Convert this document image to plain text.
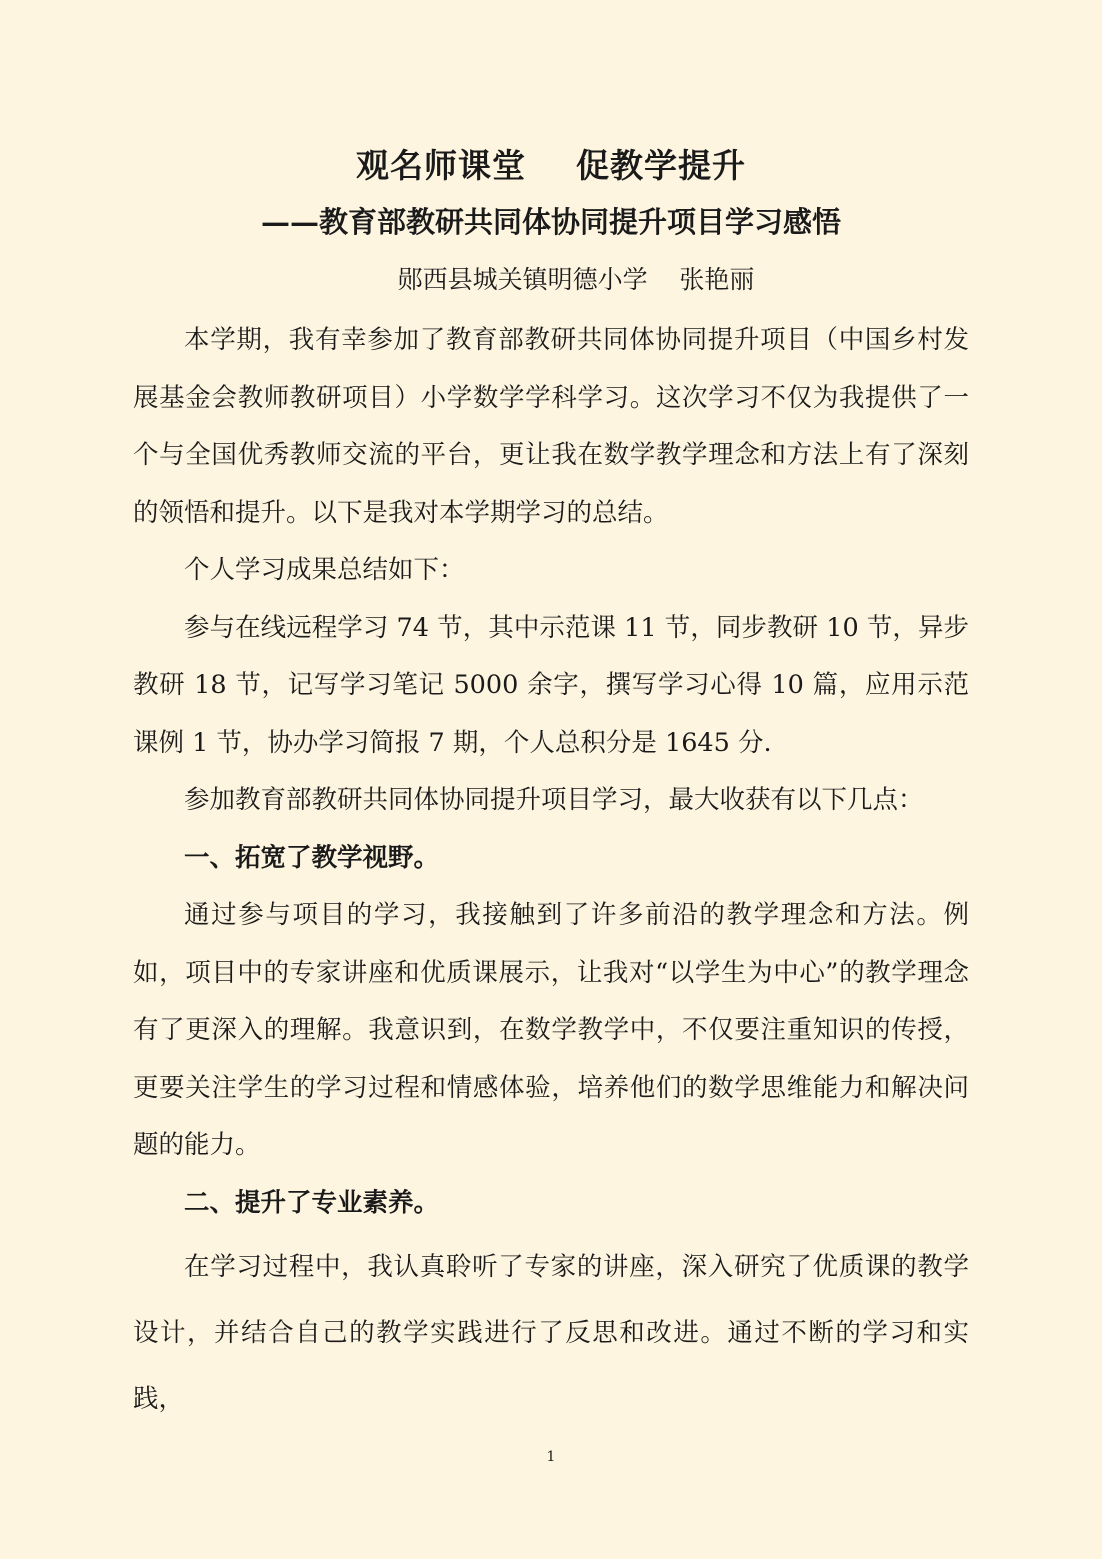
观名师课堂    促教学提升
——教育部教研共同体协同提升项目学习感悟
郧西县城关镇明德小学    张艳丽

本学期，我有幸参加了教育部教研共同体协同提升项目（中国乡村发展基金会教师教研项目）小学数学学科学习。这次学习不仅为我提供了一个与全国优秀教师交流的平台，更让我在数学教学理念和方法上有了深刻的领悟和提升。以下是我对本学期学习的总结。

个人学习成果总结如下：

参与在线远程学习 74 节，其中示范课 11 节，同步教研 10 节，异步教研 18 节，记写学习笔记 5000 余字，撰写学习心得 10 篇，应用示范课例 1 节，协办学习简报 7 期，个人总积分是 1645 分.

参加教育部教研共同体协同提升项目学习，最大收获有以下几点：

一、拓宽了教学视野。

通过参与项目的学习，我接触到了许多前沿的教学理念和方法。例如，项目中的专家讲座和优质课展示，让我对“以学生为中心”的教学理念有了更深入的理解。我意识到，在数学教学中，不仅要注重知识的传授，更要关注学生的学习过程和情感体验，培养他们的数学思维能力和解决问题的能力。

二、提升了专业素养。

在学习过程中，我认真聆听了专家的讲座，深入研究了优质课的教学设计，并结合自己的教学实践进行了反思和改进。通过不断的学习和实践，

1
